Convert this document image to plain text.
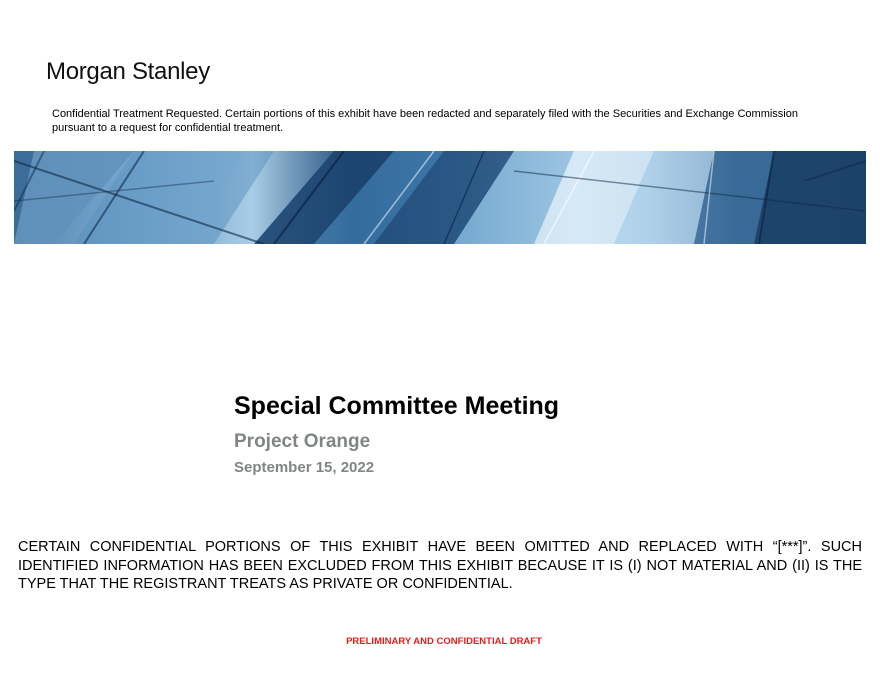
Morgan Stanley
Confidential Treatment Requested. Certain portions of this exhibit have been redacted and separately filed with the Securities and Exchange Commission pursuant to a request for confidential treatment.
Special Committee Meeting
Project Orange
September 15, 2022
CERTAIN CONFIDENTIAL PORTIONS OF THIS EXHIBIT HAVE BEEN OMITTED AND REPLACED WITH “[***]”. SUCH IDENTIFIED INFORMATION HAS BEEN EXCLUDED FROM THIS EXHIBIT BECAUSE IT IS (I) NOT MATERIAL AND (II) IS THE TYPE THAT THE REGISTRANT TREATS AS PRIVATE OR CONFIDENTIAL.
PRELIMINARY AND CONFIDENTIAL DRAFT
